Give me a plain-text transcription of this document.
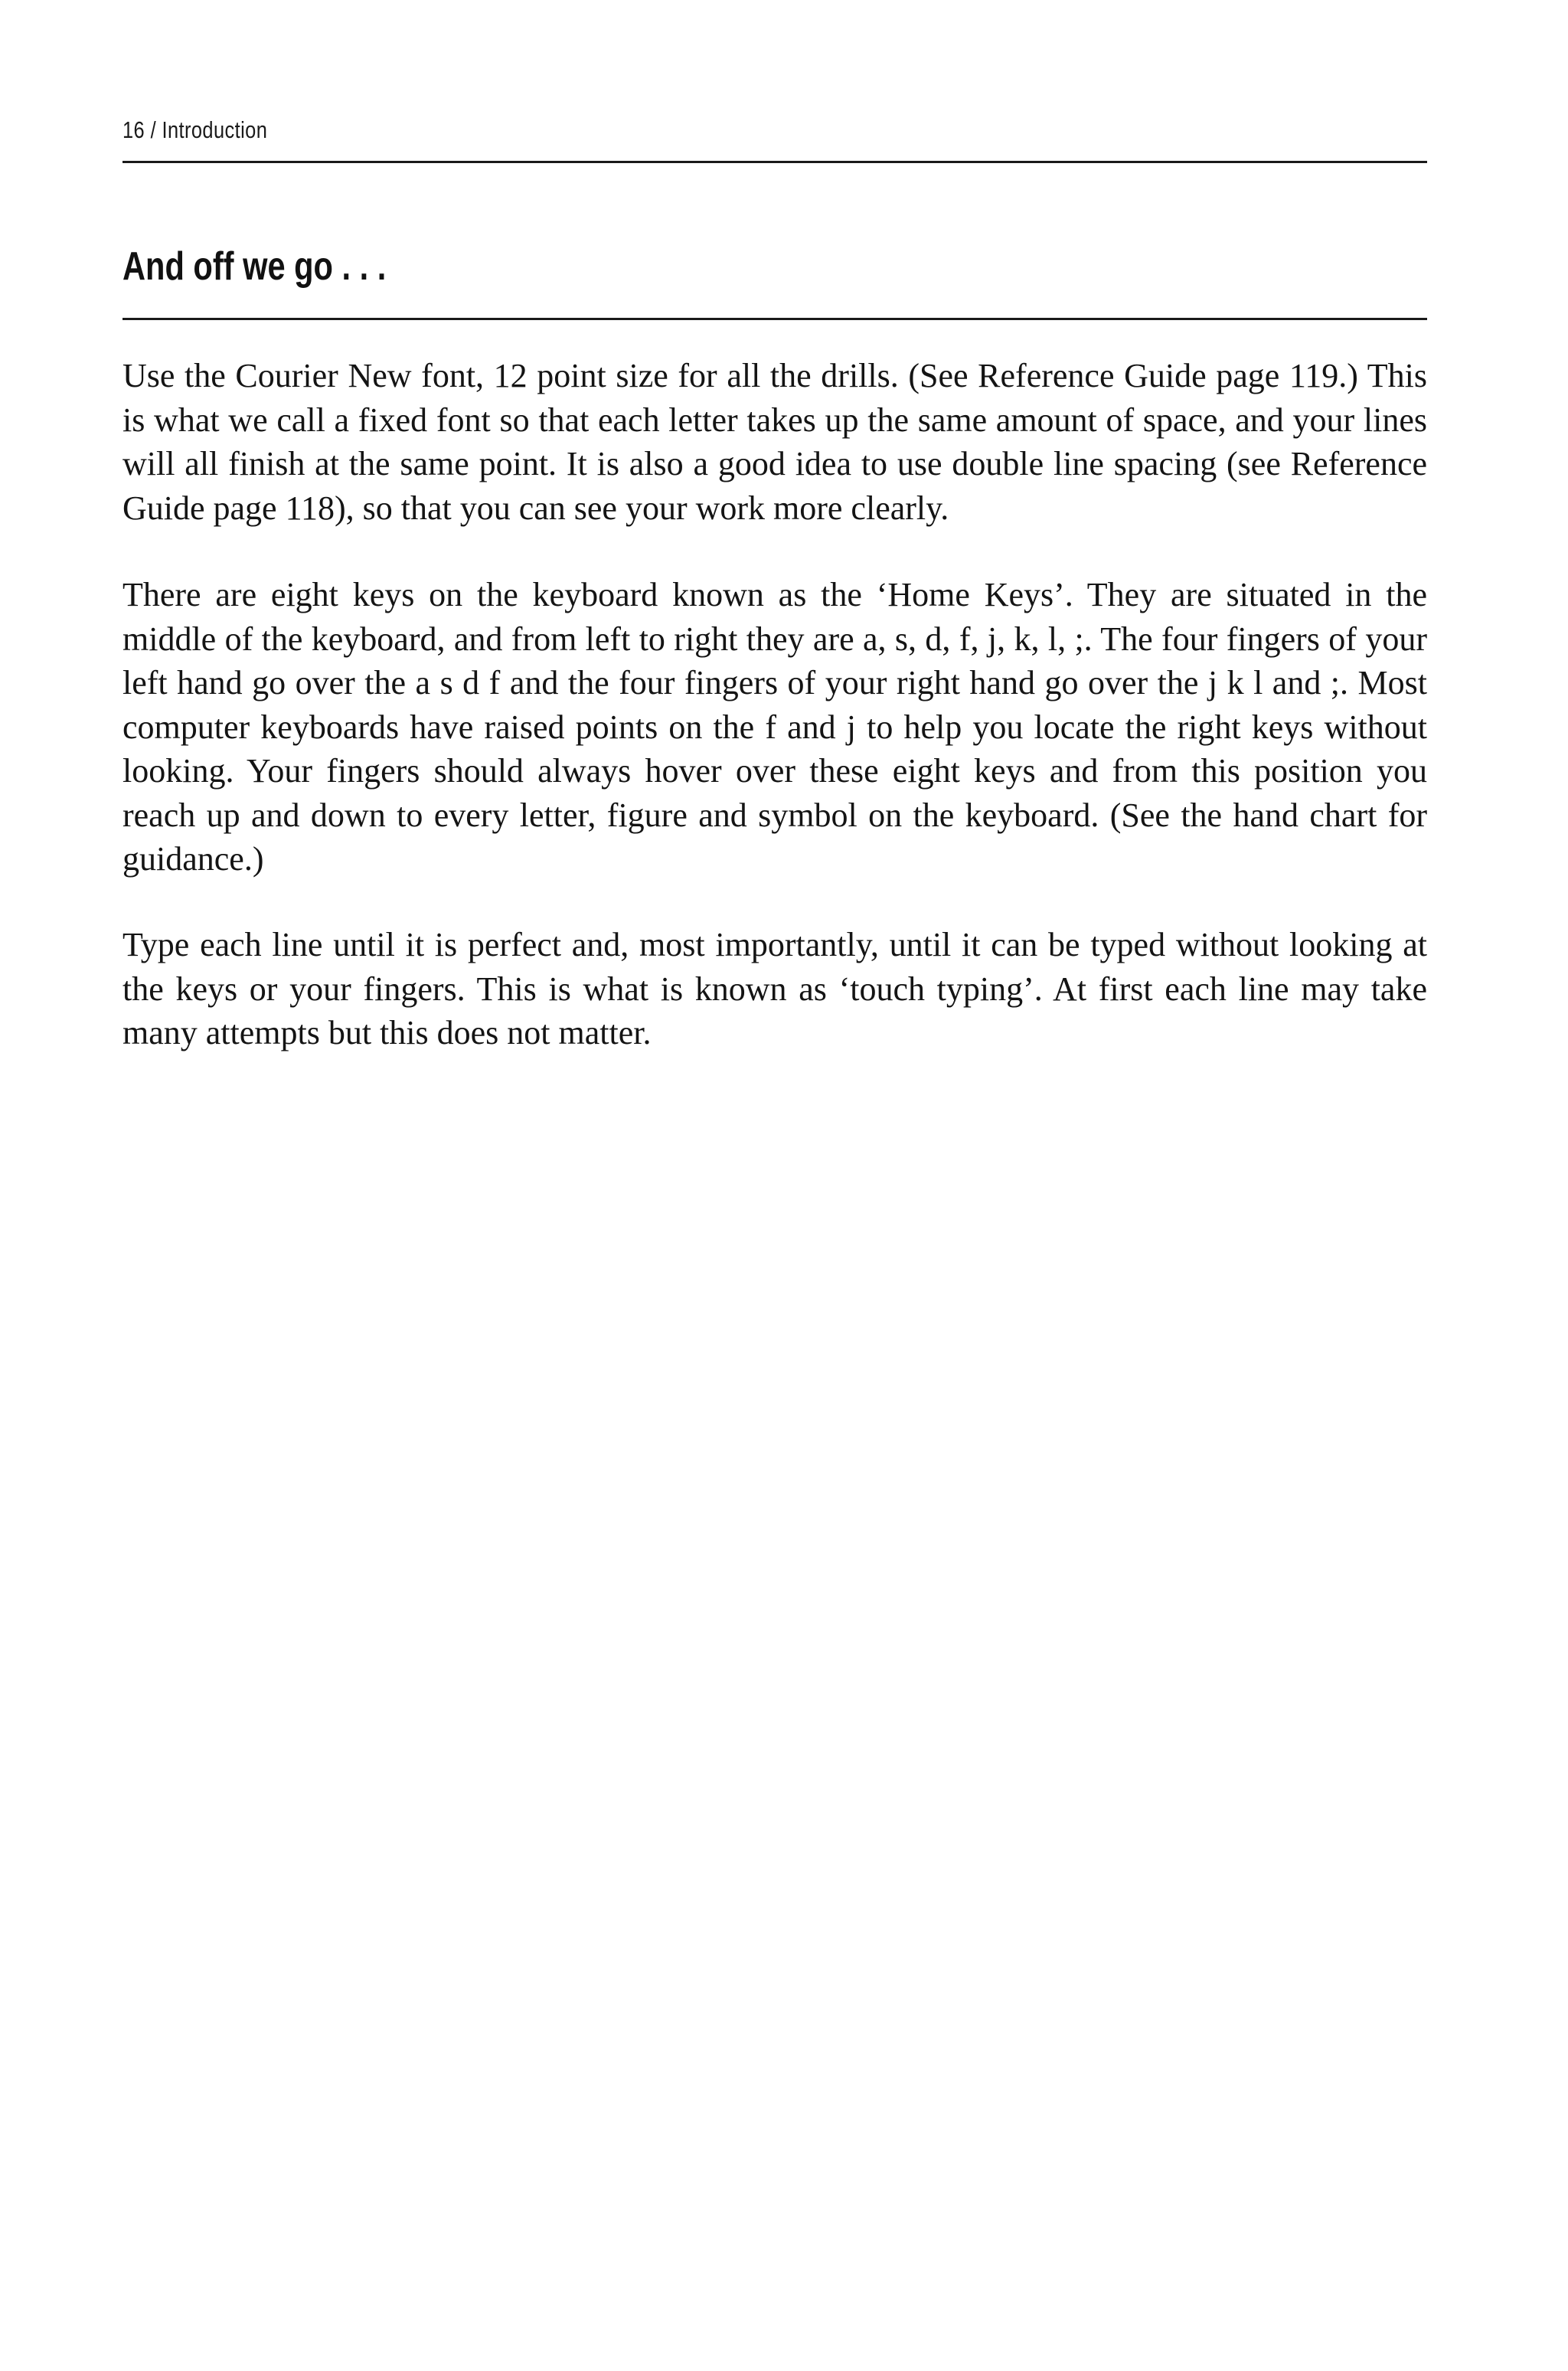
16 / Introduction
And off we go . . .

Use the Courier New font, 12 point size for all the drills. (See Reference Guide page 119.) This is what we call a fixed font so that each letter takes up the same amount of space, and your lines will all finish at the same point. It is also a good idea to use double line spacing (see Reference Guide page 118), so that you can see your work more clearly.

There are eight keys on the keyboard known as the ‘Home Keys’. They are situated in the middle of the keyboard, and from left to right they are a, s, d, f, j, k, l, ;. The four fingers of your left hand go over the a s d f and the four fingers of your right hand go over the j k l and ;. Most computer keyboards have raised points on the f and j to help you locate the right keys without looking. Your fingers should always hover over these eight keys and from this position you reach up and down to every letter, figure and symbol on the keyboard. (See the hand chart for guidance.)

Type each line until it is perfect and, most importantly, until it can be typed without looking at the keys or your fingers. This is what is known as ‘touch typing’. At first each line may take many attempts but this does not matter.
